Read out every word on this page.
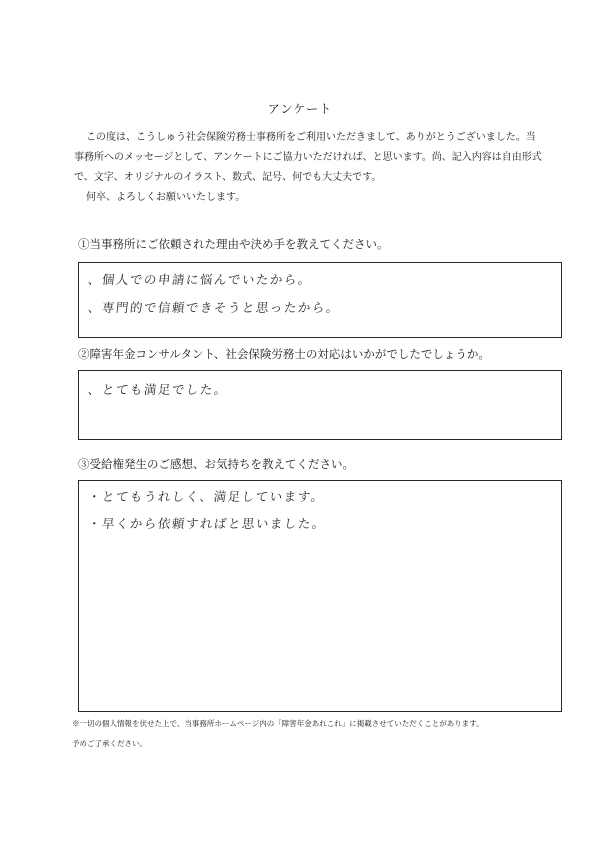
アンケート

この度は、こうしゅう社会保険労務士事務所をご利用いただきまして、ありがとうございました。当事務所へのメッセージとして、アンケートにご協力いただければ、と思います。尚、記入内容は自由形式で、文字、オリジナルのイラスト、数式、記号、何でも大丈夫です。

何卒、よろしくお願いいたします。

①当事務所にご依頼された理由や決め手を教えてください。
、個人での申請に悩んでいたから。
、専門的で信頼できそうと思ったから。
②障害年金コンサルタント、社会保険労務士の対応はいかがでしたでしょうか。
、とても満足でした。
③受給権発生のご感想、お気持ちを教えてください。
・とてもうれしく、満足しています。
・早くから依頼すればと思いました。
※一切の個人情報を伏せた上で、当事務所ホームページ内の「障害年金あれこれ」に掲載させていただくことがあります。
予めご了承ください。
